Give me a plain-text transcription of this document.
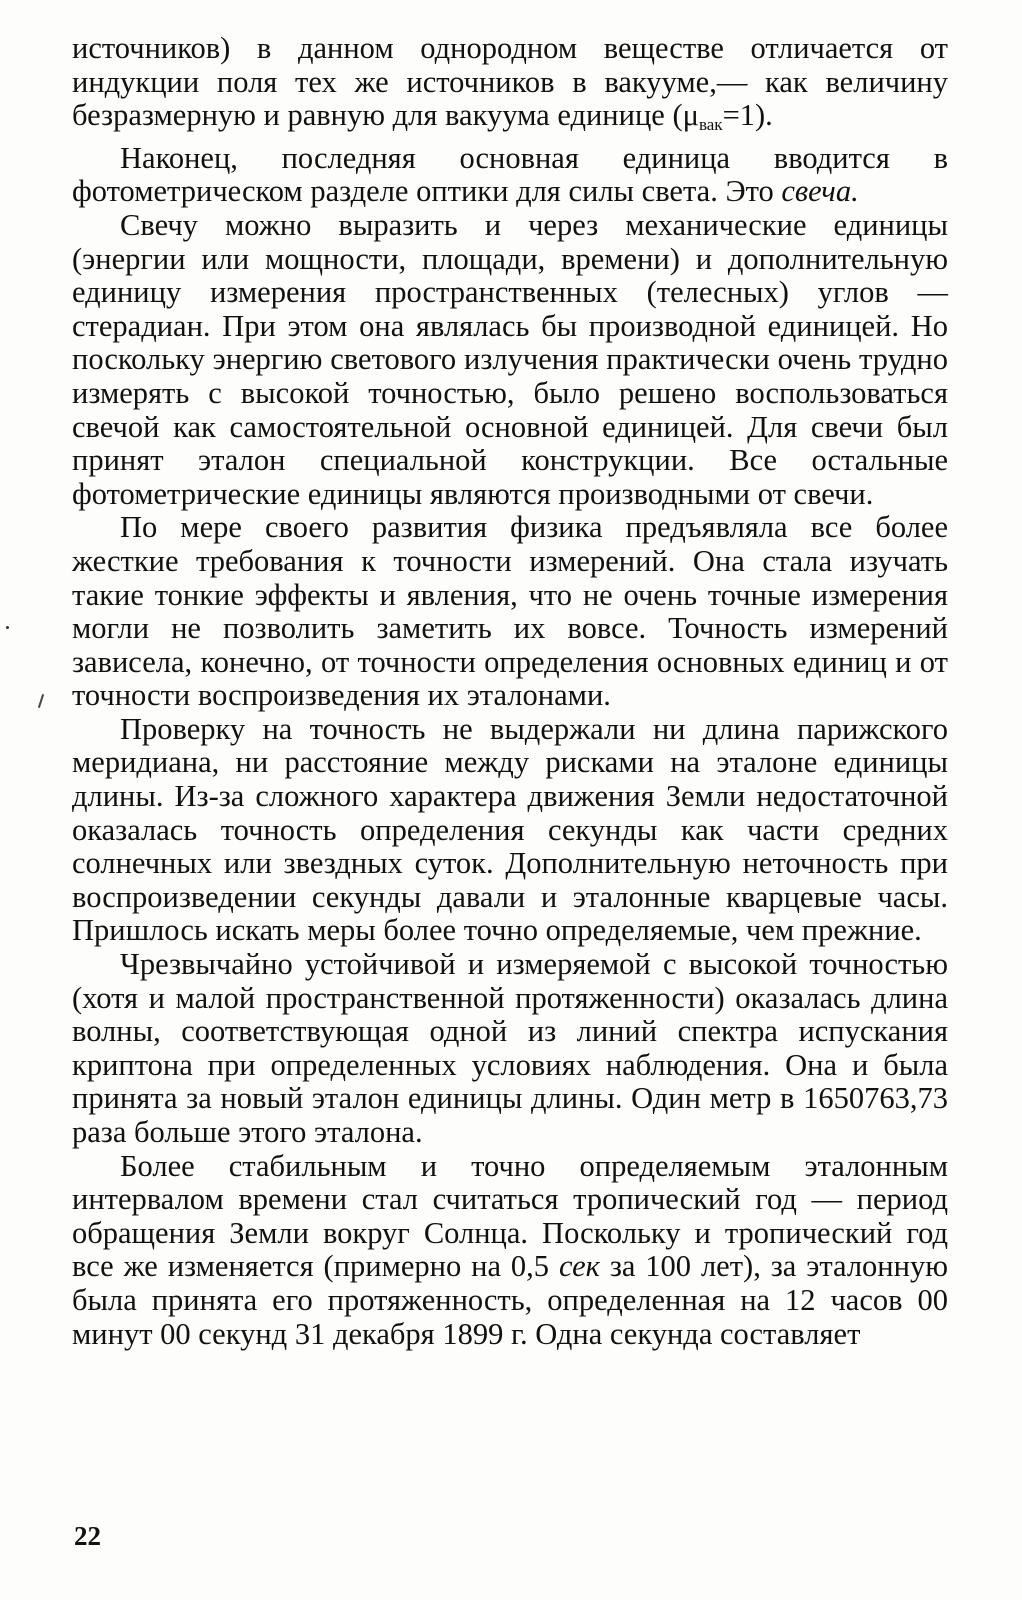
источников) в данном однородном веществе отличается от индукции поля тех же источников в вакууме,— как величину безразмерную и равную для вакуума единице $(\mu_{вак}=1)$.

Наконец, последняя основная единица вводится в фотометрическом разделе оптики для силы света. Это свеча.

Свечу можно выразить и через механические единицы (энергии или мощности, площади, времени) и дополнительную единицу измерения пространственных (телесных) углов — стерадиан. При этом она являлась бы производной единицей. Но поскольку энергию светового излучения практически очень трудно измерять с высокой точностью, было решено воспользоваться свечой как самостоятельной основной единицей. Для свечи был принят эталон специальной конструкции. Все остальные фотометрические единицы являются производными от свечи.

По мере своего развития физика предъявляла все более жесткие требования к точности измерений. Она стала изучать такие тонкие эффекты и явления, что не очень точные измерения могли не позволить заметить их вовсе. Точность измерений зависела, конечно, от точности определения основных единиц и от точности воспроизведения их эталонами.

Проверку на точность не выдержали ни длина парижского меридиана, ни расстояние между рисками на эталоне единицы длины. Из-за сложного характера движения Земли недостаточной оказалась точность определения секунды как части средних солнечных или звездных суток. Дополнительную неточность при воспроизведении секунды давали и эталонные кварцевые часы. Пришлось искать меры более точно определяемые, чем прежние.

Чрезвычайно устойчивой и измеряемой с высокой точностью (хотя и малой пространственной протяженности) оказалась длина волны, соответствующая одной из линий спектра испускания криптона при определенных условиях наблюдения. Она и была принята за новый эталон единицы длины. Один метр в 1650763,73 раза больше этого эталона.

Более стабильным и точно определяемым эталонным интервалом времени стал считаться тропический год — период обращения Земли вокруг Солнца. Поскольку и тропический год все же изменяется (примерно на 0,5 сек за 100 лет), за эталонную была принята его протяженность, определенная на 12 часов 00 минут 00 секунд 31 декабря 1899 г. Одна секунда составляет

22
